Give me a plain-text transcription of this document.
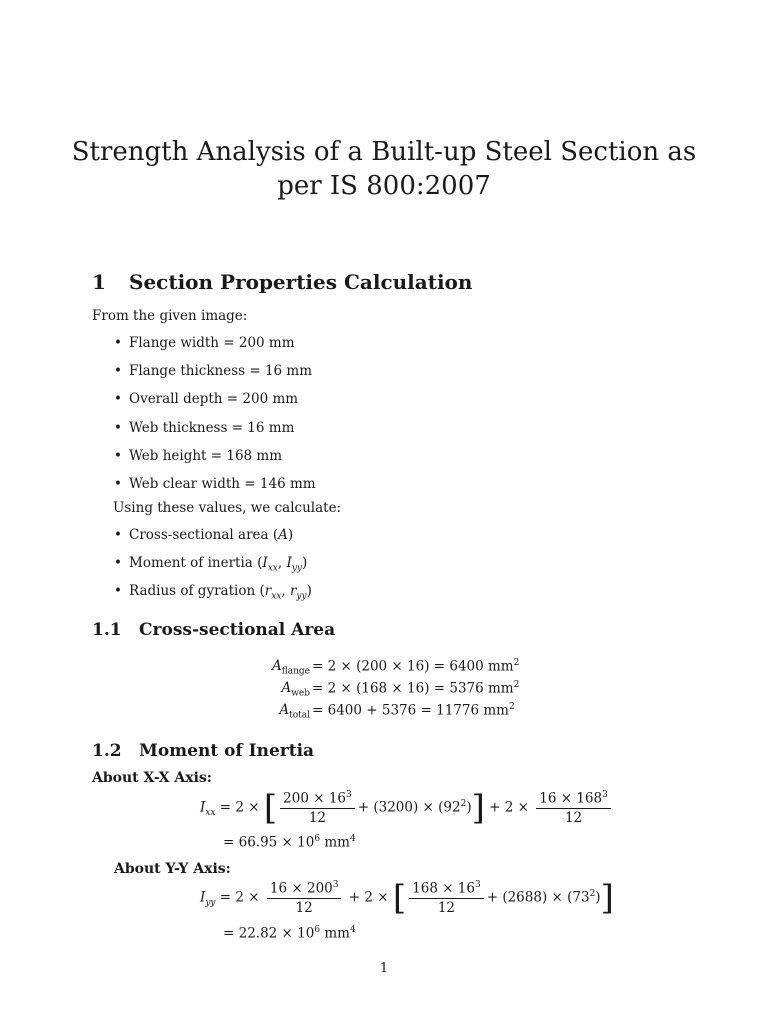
Strength Analysis of a Built-up Steel Section as per IS 800:2007
1 Section Properties Calculation
From the given image:
• Flange width = 200 mm
• Flange thickness = 16 mm
• Overall depth = 200 mm
• Web thickness = 16 mm
• Web height = 168 mm
• Web clear width = 146 mm
Using these values, we calculate:
• Cross-sectional area (A)
• Moment of inertia ($I_{xx}$, $I_{yy}$)
• Radius of gyration ($r_{xx}$, $r_{yy}$)
1.1 Cross-sectional Area
$A_{flange} = 2 \times (200 \times 16) = 6400$ $mm^2$
$A_{web} = 2 \times (168 \times 16) = 5376$ $mm^2$
$A_{total} = 6400 + 5376 = 11776$ $mm^2$
1.2 Moment of Inertia
About X-X Axis:
$I_{xx} = 2$ × [ $\frac{200 \times 16^3}{12} + (3200) \times (92^2)] + 2 \times \frac{16 \times 168^3}{12}$
= $66.95 \times 10^6$ $mm^4$
About Y-Y Axis:
$I_{yy} = 2 \times \frac{16 \times 200^3}{12} + 2$ × [ $\frac{168 \times 16^3}{12} + (2688) \times (73^2)$]
= $22.82 \times 10^6$ $mm^4$
1
